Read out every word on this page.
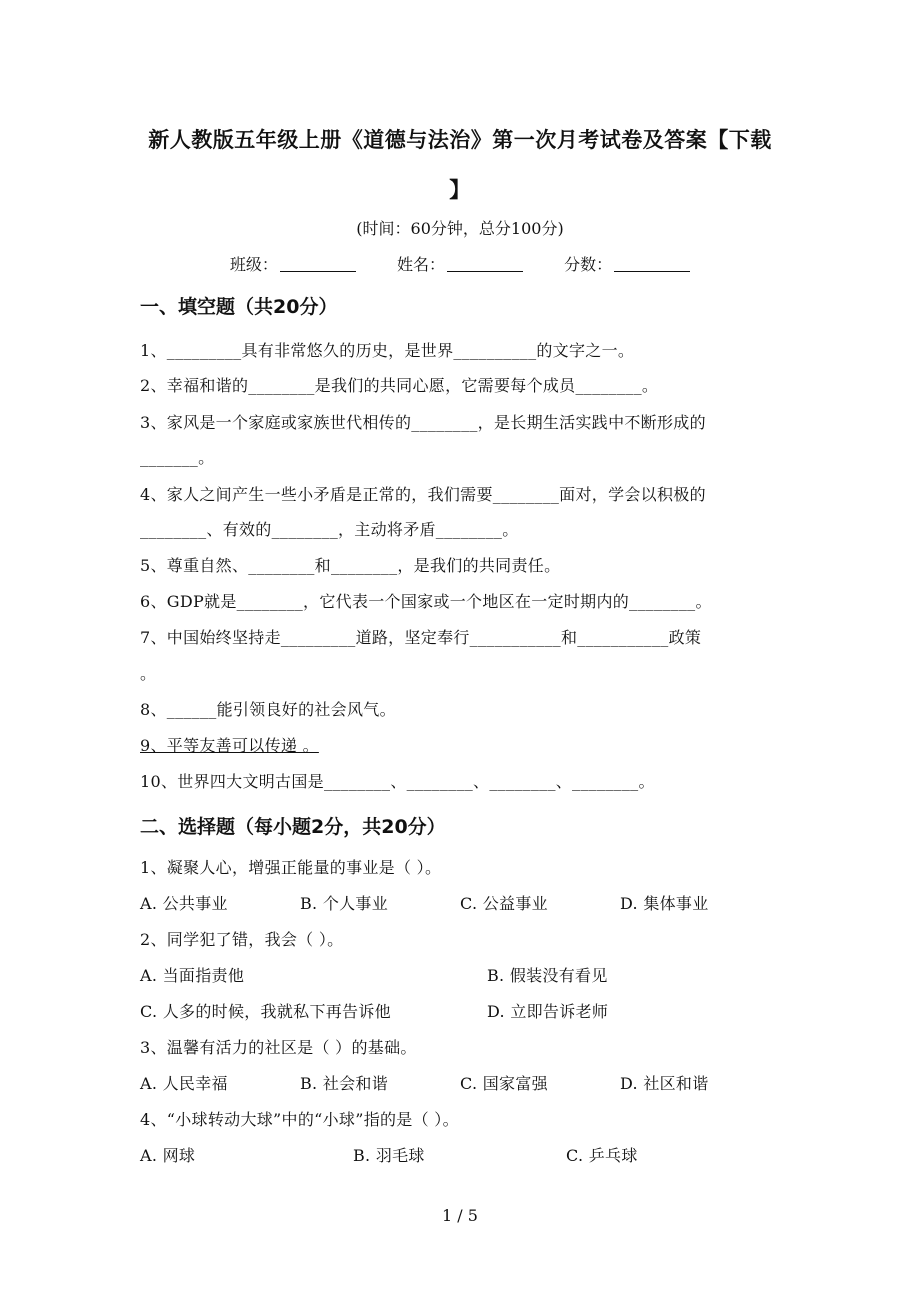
新人教版五年级上册《道德与法治》第一次月考试卷及答案【下载
】
(时间：60分钟，总分100分)
班级：	姓名：	分数：
一、填空题（共20分）
1、_________具有非常悠久的历史，是世界__________的文字之一。
2、幸福和谐的________是我们的共同心愿，它需要每个成员________。
3、家风是一个家庭或家族世代相传的________，是长期生活实践中不断形成的
_______。
4、家人之间产生一些小矛盾是正常的，我们需要________面对，学会以积极的
________、有效的________，主动将矛盾________。
5、尊重自然、________和________，是我们的共同责任。
6、GDP就是________，它代表一个国家或一个地区在一定时期内的________。
7、中国始终坚持走_________道路，坚定奉行___________和___________政策
。
8、______能引领良好的社会风气。
9、平等友善可以传递 。
10、世界四大文明古国是________、________、________、________。
二、选择题（每小题2分，共20分）
1、凝聚人心，增强正能量的事业是（ ）。
A. 公共事业	B. 个人事业	C. 公益事业	D. 集体事业
2、同学犯了错，我会（ ）。
A. 当面指责他	B. 假装没有看见
C. 人多的时候，我就私下再告诉他	D. 立即告诉老师
3、温馨有活力的社区是（ ）的基础。
A. 人民幸福	B. 社会和谐	C. 国家富强	D. 社区和谐
4、“小球转动大球”中的“小球”指的是（ ）。
A. 网球	B. 羽毛球	C. 乒乓球
1 / 5
